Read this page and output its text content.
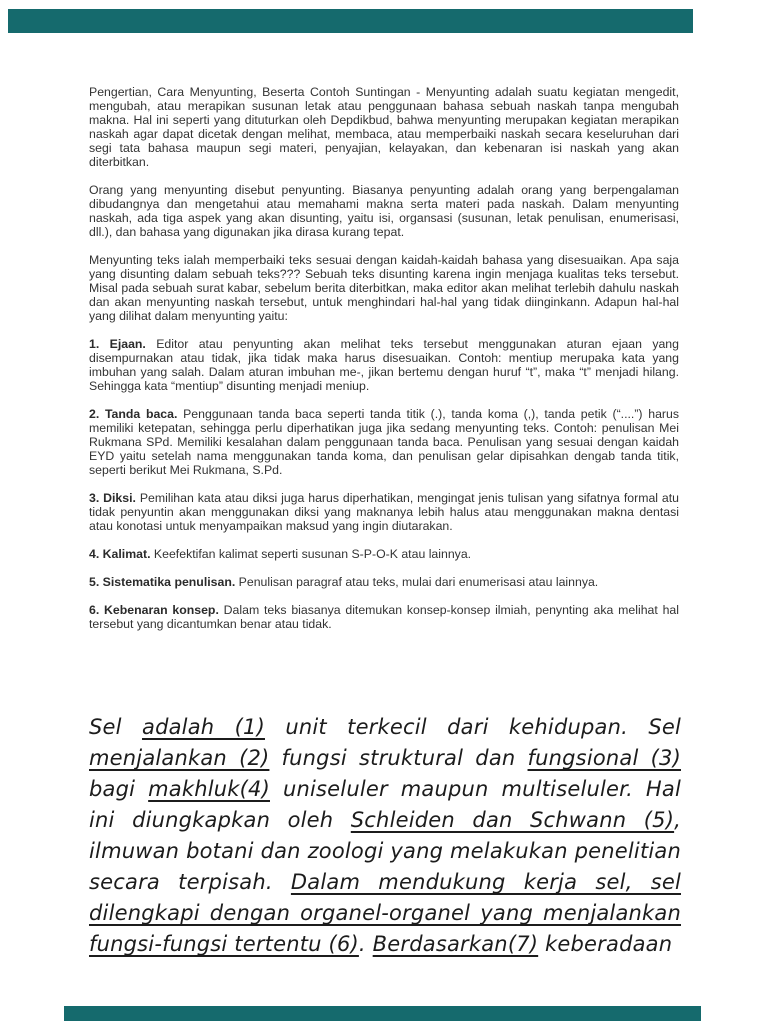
Pengertian, Cara Menyunting, Beserta Contoh Suntingan - Menyunting adalah suatu kegiatan mengedit, mengubah, atau merapikan susunan letak atau penggunaan bahasa sebuah naskah tanpa mengubah makna. Hal ini seperti yang dituturkan oleh Depdikbud, bahwa menyunting merupakan kegiatan merapikan naskah agar dapat dicetak dengan melihat, membaca, atau memperbaiki naskah secara keseluruhan dari segi tata bahasa maupun segi materi, penyajian, kelayakan, dan kebenaran isi naskah yang akan diterbitkan.

Orang yang menyunting disebut penyunting. Biasanya penyunting adalah orang yang berpengalaman dibudangnya dan mengetahui atau memahami makna serta materi pada naskah. Dalam menyunting naskah, ada tiga aspek yang akan disunting, yaitu isi, organsasi (susunan, letak penulisan, enumerisasi, dll.), dan bahasa yang digunakan jika dirasa kurang tepat.

Menyunting teks ialah memperbaiki teks sesuai dengan kaidah-kaidah bahasa yang disesuaikan. Apa saja yang disunting dalam sebuah teks??? Sebuah teks disunting karena ingin menjaga kualitas teks tersebut. Misal pada sebuah surat kabar, sebelum berita diterbitkan, maka editor akan melihat terlebih dahulu naskah dan akan menyunting naskah tersebut, untuk menghindari hal-hal yang tidak diinginkann. Adapun hal-hal yang dilihat dalam menyunting yaitu:

1. Ejaan. Editor atau penyunting akan melihat teks tersebut menggunakan aturan ejaan yang disempurnakan atau tidak, jika tidak maka harus disesuaikan. Contoh: mentiup merupaka kata yang imbuhan yang salah. Dalam aturan imbuhan me-, jikan bertemu dengan huruf “t”, maka “t” menjadi hilang. Sehingga kata “mentiup” disunting menjadi meniup.

2. Tanda baca. Penggunaan tanda baca seperti tanda titik (.), tanda koma (,), tanda petik (“....”) harus memiliki ketepatan, sehingga perlu diperhatikan juga jika sedang menyunting teks. Contoh: penulisan Mei Rukmana SPd. Memiliki kesalahan dalam penggunaan tanda baca. Penulisan yang sesuai dengan kaidah EYD yaitu setelah nama menggunakan tanda koma, dan penulisan gelar dipisahkan dengab tanda titik, seperti berikut Mei Rukmana, S.Pd.

3. Diksi. Pemilihan kata atau diksi juga harus diperhatikan, mengingat jenis tulisan yang sifatnya formal atu tidak penyuntin akan menggunakan diksi yang maknanya lebih halus atau menggunakan makna dentasi atau konotasi untuk menyampaikan maksud yang ingin diutarakan.

4. Kalimat. Keefektifan kalimat seperti susunan S-P-O-K atau lainnya.

5. Sistematika penulisan. Penulisan paragraf atau teks, mulai dari enumerisasi atau lainnya.

6. Kebenaran konsep. Dalam teks biasanya ditemukan konsep-konsep ilmiah, penynting aka melihat hal tersebut yang dicantumkan benar atau tidak.

Sel adalah (1) unit terkecil dari kehidupan. Sel menjalankan (2) fungsi struktural dan fungsional (3) bagi makhluk(4) uniseluler maupun multiseluler. Hal ini diungkapkan oleh Schleiden dan Schwann (5), ilmuwan botani dan zoologi yang melakukan penelitian secara terpisah. Dalam mendukung kerja sel, sel dilengkapi dengan organel-organel yang menjalankan fungsi-fungsi tertentu (6). Berdasarkan(7) keberadaan
